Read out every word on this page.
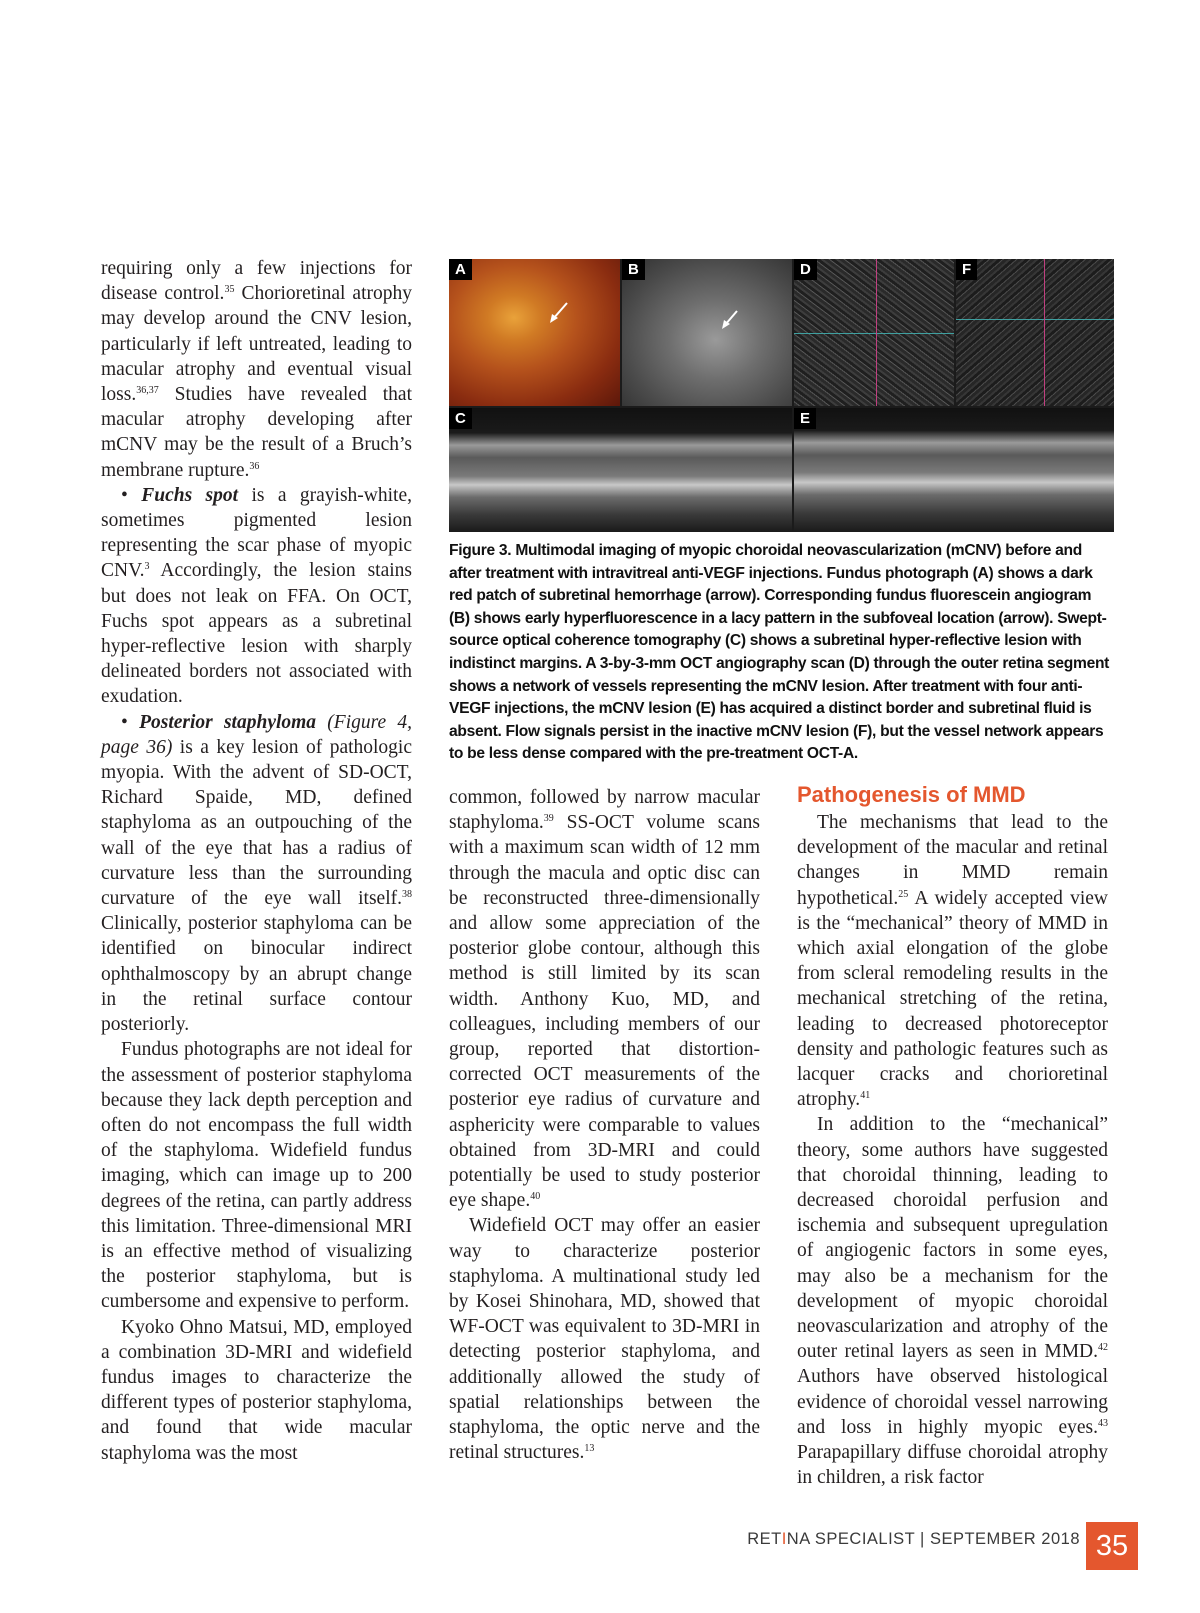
requiring only a few injections for disease control.$^{35}$ Chorioretinal atrophy may develop around the CNV lesion, particularly if left untreated, leading to macular atrophy and eventual visual loss.$^{36,37}$ Studies have revealed that macular atrophy developing after mCNV may be the result of a Bruch’s membrane rupture.$^{36}$

• Fuchs spot is a grayish-white, sometimes pigmented lesion representing the scar phase of myopic CNV.$^3$ Accordingly, the lesion stains but does not leak on FFA. On OCT, Fuchs spot appears as a subretinal hyper-reflective lesion with sharply delineated borders not associated with exudation.

• Posterior staphyloma (Figure 4, page 36) is a key lesion of pathologic myopia. With the advent of SD-OCT, Richard Spaide, MD, defined staphyloma as an outpouching of the wall of the eye that has a radius of curvature less than the surrounding curvature of the eye wall itself.$^{38}$ Clinically, posterior staphyloma can be identified on binocular indirect ophthalmoscopy by an abrupt change in the retinal surface contour posteriorly.

Fundus photographs are not ideal for the assessment of posterior staphyloma because they lack depth perception and often do not encompass the full width of the staphyloma. Widefield fundus imaging, which can image up to 200 degrees of the retina, can partly address this limitation. Three-dimensional MRI is an effective method of visualizing the posterior staphyloma, but is cumbersome and expensive to perform.

Kyoko Ohno Matsui, MD, employed a combination 3D-MRI and widefield fundus images to characterize the different types of posterior staphyloma, and found that wide macular staphyloma was the most

A	B	D	F
C	E
Figure 3. Multimodal imaging of myopic choroidal neovascularization (mCNV) before and after treatment with intravitreal anti-VEGF injections. Fundus photograph (A) shows a dark red patch of subretinal hemorrhage (arrow). Corresponding fundus fluorescein angiogram (B) shows early hyperfluorescence in a lacy pattern in the subfoveal location (arrow). Swept-source optical coherence tomography (C) shows a subretinal hyper-reflective lesion with indistinct margins. A 3-by-3-mm OCT angiography scan (D) through the outer retina segment shows a network of vessels representing the mCNV lesion. After treatment with four anti-VEGF injections, the mCNV lesion (E) has acquired a distinct border and subretinal fluid is absent. Flow signals persist in the inactive mCNV lesion (F), but the vessel network appears to be less dense compared with the pre-treatment OCT-A.

common, followed by narrow macular staphyloma.$^{39}$ SS-OCT volume scans with a maximum scan width of 12 mm through the macula and optic disc can be reconstructed three-dimensionally and allow some appreciation of the posterior globe contour, although this method is still limited by its scan width. Anthony Kuo, MD, and colleagues, including members of our group, reported that distortion-corrected OCT measurements of the posterior eye radius of curvature and asphericity were comparable to values obtained from 3D-MRI and could potentially be used to study posterior eye shape.$^{40}$

Widefield OCT may offer an easier way to characterize posterior staphyloma. A multinational study led by Kosei Shinohara, MD, showed that WF-OCT was equivalent to 3D-MRI in detecting posterior staphyloma, and additionally allowed the study of spatial relationships between the staphyloma, the optic nerve and the retinal structures.$^{13}$

Pathogenesis of MMD

The mechanisms that lead to the development of the macular and retinal changes in MMD remain hypothetical.$^{25}$ A widely accepted view is the “mechanical” theory of MMD in which axial elongation of the globe from scleral remodeling results in the mechanical stretching of the retina, leading to decreased photoreceptor density and pathologic features such as lacquer cracks and chorioretinal atrophy.$^{41}$

In addition to the “mechanical” theory, some authors have suggested that choroidal thinning, leading to decreased choroidal perfusion and ischemia and subsequent upregulation of angiogenic factors in some eyes, may also be a mechanism for the development of myopic choroidal neovascularization and atrophy of the outer retinal layers as seen in MMD.$^{42}$ Authors have observed histological evidence of choroidal vessel narrowing and loss in highly myopic eyes.$^{43}$ Parapapillary diffuse choroidal atrophy in children, a risk factor

RETINA SPECIALIST | SEPTEMBER 2018 35
